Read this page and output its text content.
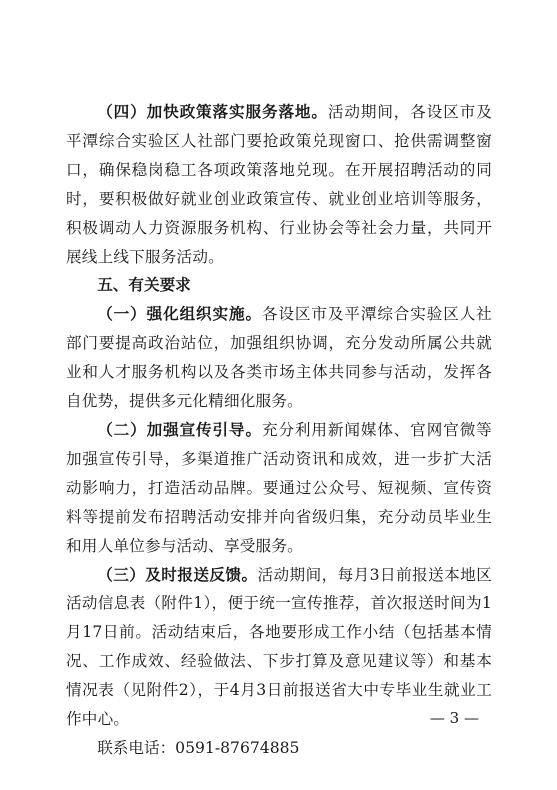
（四）加快政策落实服务落地。活动期间，各设区市及平潭综合实验区人社部门要抢政策兑现窗口、抢供需调整窗口，确保稳岗稳工各项政策落地兑现。在开展招聘活动的同时，要积极做好就业创业政策宣传、就业创业培训等服务，积极调动人力资源服务机构、行业协会等社会力量，共同开展线上线下服务活动。

五、有关要求

（一）强化组织实施。各设区市及平潭综合实验区人社部门要提高政治站位，加强组织协调，充分发动所属公共就业和人才服务机构以及各类市场主体共同参与活动，发挥各自优势，提供多元化精细化服务。

（二）加强宣传引导。充分利用新闻媒体、官网官微等加强宣传引导，多渠道推广活动资讯和成效，进一步扩大活动影响力，打造活动品牌。要通过公众号、短视频、宣传资料等提前发布招聘活动安排并向省级归集，充分动员毕业生和用人单位参与活动、享受服务。

（三）及时报送反馈。活动期间，每月3日前报送本地区活动信息表（附件1），便于统一宣传推荐，首次报送时间为1月17日前。活动结束后，各地要形成工作小结（包括基本情况、工作成效、经验做法、下步打算及意见建议等）和基本情况表（见附件2），于4月3日前报送省大中专毕业生就业工作中心。

联系电话：0591-87674885

— 3 —
